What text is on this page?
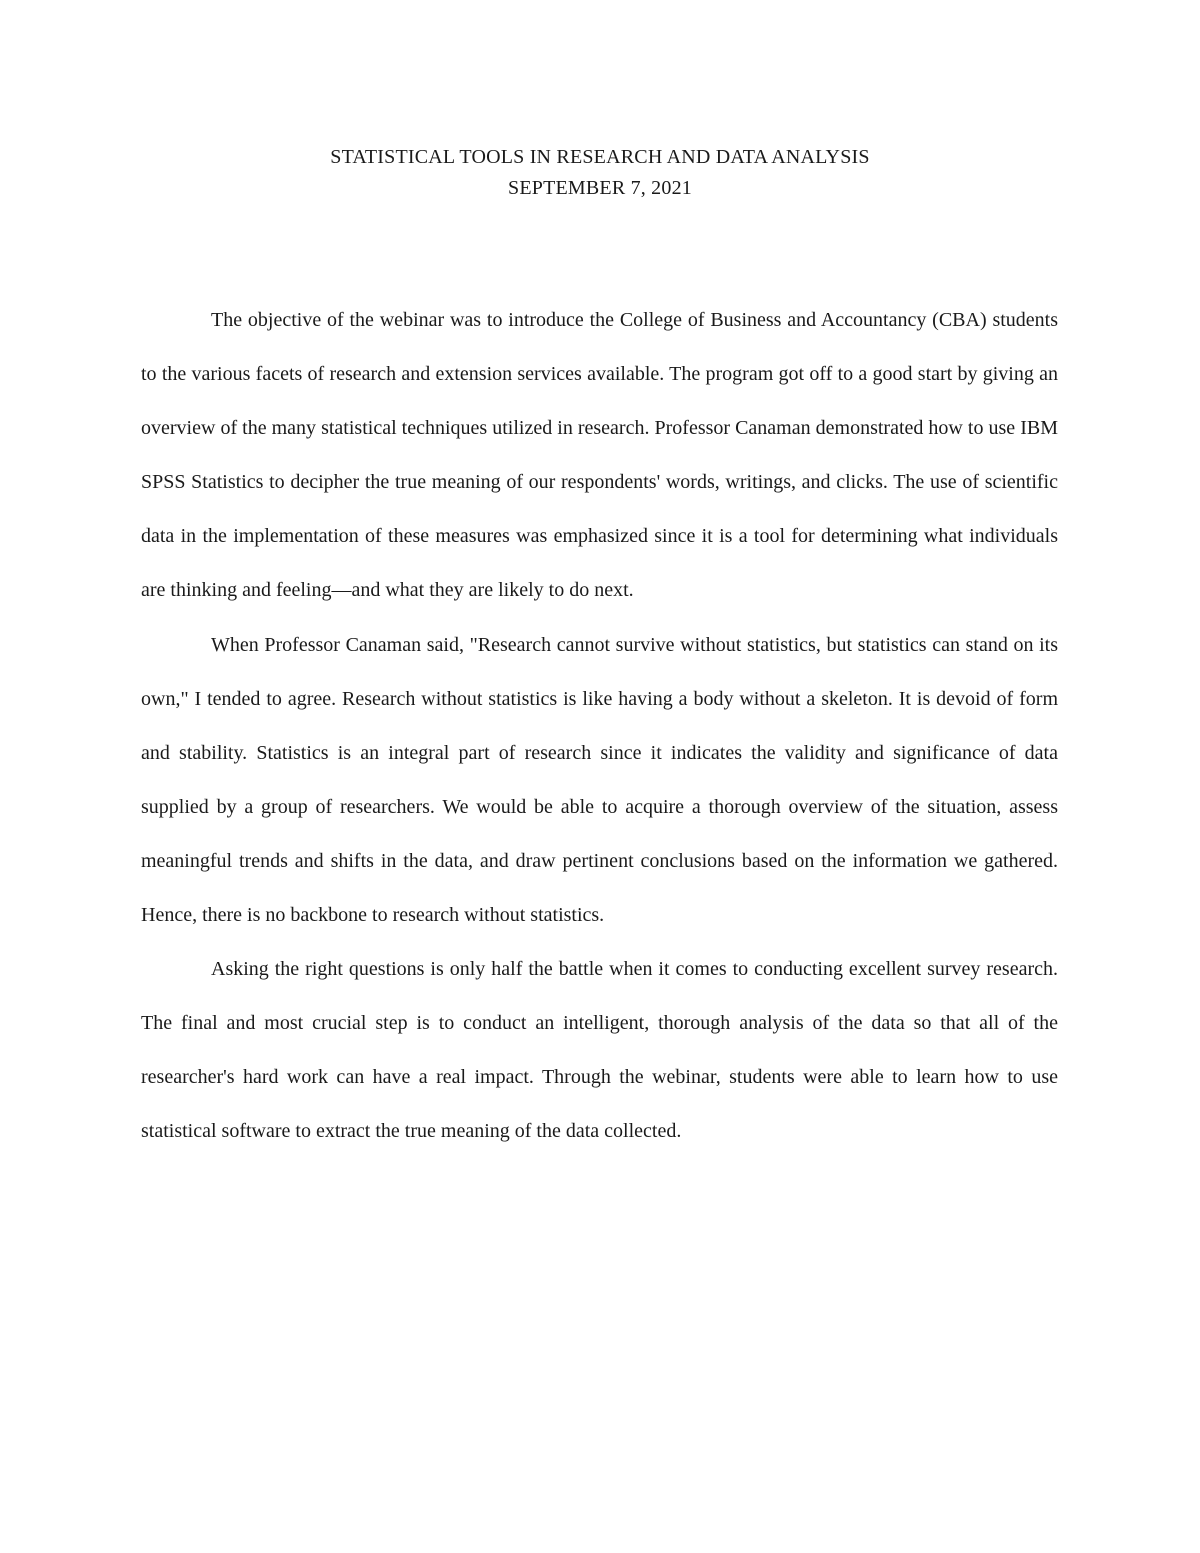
STATISTICAL TOOLS IN RESEARCH AND DATA ANALYSIS
SEPTEMBER 7, 2021

The objective of the webinar was to introduce the College of Business and Accountancy (CBA) students to the various facets of research and extension services available. The program got off to a good start by giving an overview of the many statistical techniques utilized in research. Professor Canaman demonstrated how to use IBM SPSS Statistics to decipher the true meaning of our respondents' words, writings, and clicks. The use of scientific data in the implementation of these measures was emphasized since it is a tool for determining what individuals are thinking and feeling—and what they are likely to do next.

When Professor Canaman said, "Research cannot survive without statistics, but statistics can stand on its own," I tended to agree. Research without statistics is like having a body without a skeleton. It is devoid of form and stability. Statistics is an integral part of research since it indicates the validity and significance of data supplied by a group of researchers. We would be able to acquire a thorough overview of the situation, assess meaningful trends and shifts in the data, and draw pertinent conclusions based on the information we gathered. Hence, there is no backbone to research without statistics.

Asking the right questions is only half the battle when it comes to conducting excellent survey research. The final and most crucial step is to conduct an intelligent, thorough analysis of the data so that all of the researcher's hard work can have a real impact. Through the webinar, students were able to learn how to use statistical software to extract the true meaning of the data collected.
